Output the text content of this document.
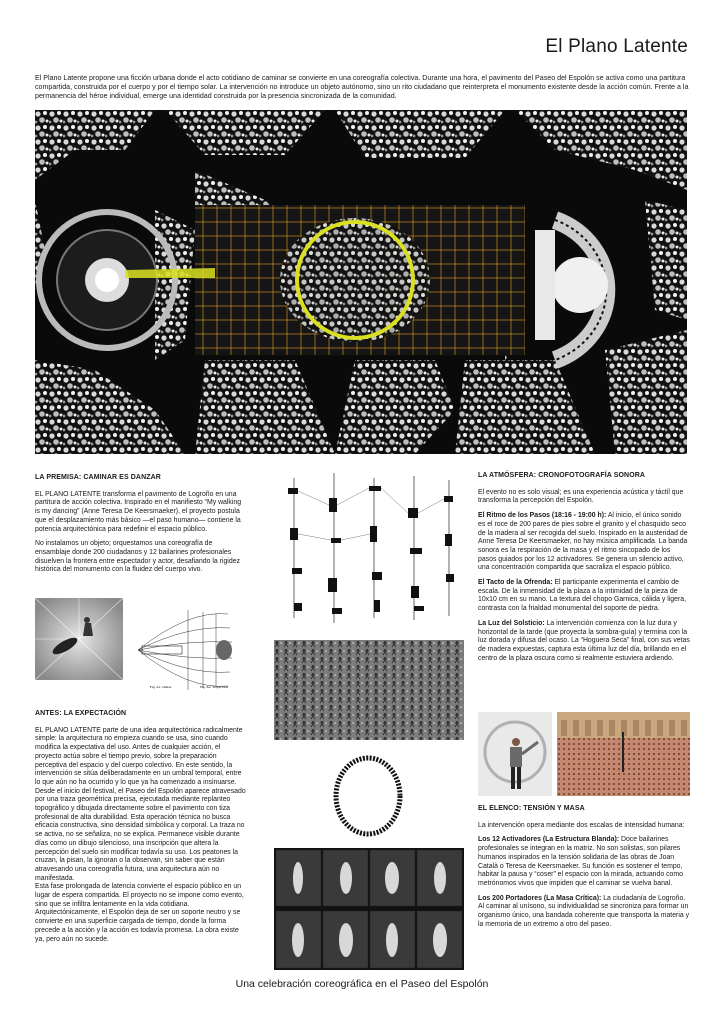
El Plano Latente
El Plano Latente propone una ficción urbana donde el acto cotidiano de caminar se convierte en una coreografía colectiva. Durante una hora, el pavimento del Paseo del Espolón se activa como una partitura compartida, construida por el cuerpo y por el tiempo solar. La intervención no introduce un objeto autónomo, sino un rito ciudadano que reinterpreta el monumento existente desde la acción común. Frente a la permanencia del héroe individual, emerge una identidad construida por la presencia sincronizada de la comunidad.
LA PREMISA: CAMINAR ES DANZAR

EL PLANO LATENTE transforma el pavimento de Logroño en una partitura de acción colectiva. Inspirado en el manifiesto “My walking is my dancing” (Anne Teresa De Keersmaeker), el proyecto postula que el desplazamiento más básico —el paso humano— contiene la potencia arquitectónica para redefinir el espacio público.

No instalamos un objeto; orquestamos una coreografía de ensamblaje donde 200 ciudadanos y 12 bailarines profesionales disuelven la frontera entre espectador y actor, desafiando la rigidez histórica del monumento con la fluidez del cuerpo vivo.

Fig. A1. Ondas	Fig. A2. Trayectoria
ANTES: LA EXPECTACIÓN

EL PLANO LATENTE parte de una idea arquitectónica radicalmente simple: la arquitectura no empieza cuando se usa, sino cuando modifica la expectativa del uso. Antes de cualquier acción, el proyecto actúa sobre el tiempo previo, sobre la preparación perceptiva del espacio y del cuerpo colectivo. En este sentido, la intervención se sitúa deliberadamente en un umbral temporal, entre lo que aún no ha ocurrido y lo que ya ha comenzado a insinuarse.

Desde el inicio del festival, el Paseo del Espolón aparece atravesado por una traza geométrica precisa, ejecutada mediante replanteo topográfico y dibujada directamente sobre el pavimento con tiza profesional de alta durabilidad. Esta operación técnica no busca eficacia constructiva, sino densidad simbólica y corporal. La traza no se activa, no se señaliza, no se explica. Permanece visible durante días como un dibujo silencioso, una inscripción que altera la percepción del suelo sin modificar todavía su uso. Los peatones la cruzan, la pisan, la ignoran o la observan, sin saber que están atravesando una coreografía futura, una arquitectura aún no manifestada.

Esta fase prolongada de latencia convierte el espacio público en un lugar de espera compartida. El proyecto no se impone como evento, sino que se infiltra lentamente en la vida cotidiana. Arquitectónicamente, el Espolón deja de ser un soporte neutro y se convierte en una superficie cargada de tiempo, donde la forma precede a la acción y la acción es todavía promesa. La obra existe ya, pero aún no sucede.

LA ATMÓSFERA: CRONOFOTOGRAFÍA SONORA

El evento no es solo visual; es una experiencia acústica y táctil que transforma la percepción del Espolón.

El Ritmo de los Pasos (18:16 - 19:00 h): Al inicio, el único sonido es el roce de 200 pares de pies sobre el granito y el chasquido seco de la madera al ser recogida del suelo. Inspirado en la austeridad de Anne Teresa De Keersmaeker, no hay música amplificada. La banda sonora es la respiración de la masa y el ritmo sincopado de los pasos guiados por los 12 activadores. Se genera un silencio activo, una concentración compartida que sacraliza el espacio público.

El Tacto de la Ofrenda: El participante experimenta el cambio de escala. De la inmensidad de la plaza a la intimidad de la pieza de 10x10 cm en su mano. La textura del chopo Garnica, cálida y ligera, contrasta con la frialdad monumental del soporte de piedra.

La Luz del Solsticio: La intervención comienza con la luz dura y horizontal de la tarde (que proyecta la sombra-guía) y termina con la luz dorada y difusa del ocaso. La “Hoguera Seca” final, con sus vetas de madera expuestas, captura esta última luz del día, brillando en el centro de la plaza oscura como si realmente estuviera ardiendo.

EL ELENCO: TENSIÓN Y MASA

La intervención opera mediante dos escalas de intensidad humana:

Los 12 Activadores (La Estructura Blanda): Doce bailarines profesionales se integran en la matriz. No son solistas, son pilares humanos inspirados en la tensión solidaria de las obras de Joan Català o Teresa de Keersmaeker. Su función es sostener el tempo, habitar la pausa y “coser” el espacio con la mirada, actuando como metrónomos vivos que impiden que el caminar se vuelva banal.

Los 200 Portadores (La Masa Crítica): La ciudadanía de Logroño. Al caminar al unísono, su individualidad se sincroniza para formar un organismo único, una bandada coherente que transporta la materia y la memoria de un extremo a otro del paseo.

Una celebración coreográfica en el Paseo del Espolón
